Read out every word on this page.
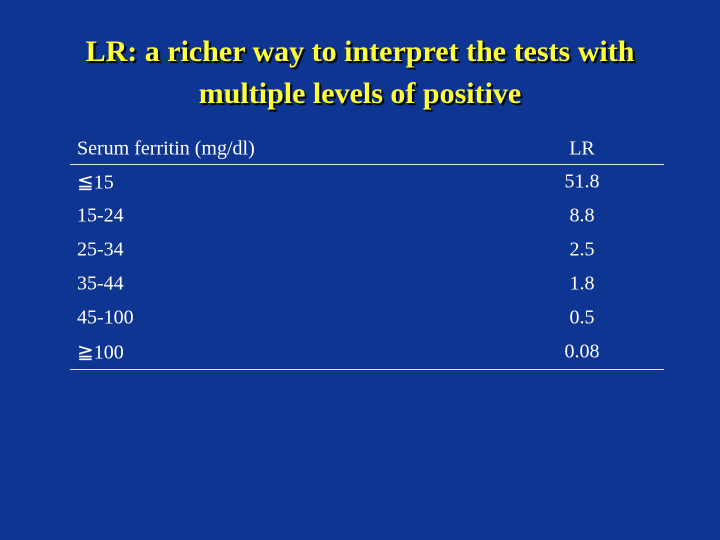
LR: a richer way to interpret the tests with
multiple levels of positive
Serum ferritin (mg/dl)	LR
≦15	51.8
15-24	8.8
25-34	2.5
35-44	1.8
45-100	0.5
≧100	0.08
